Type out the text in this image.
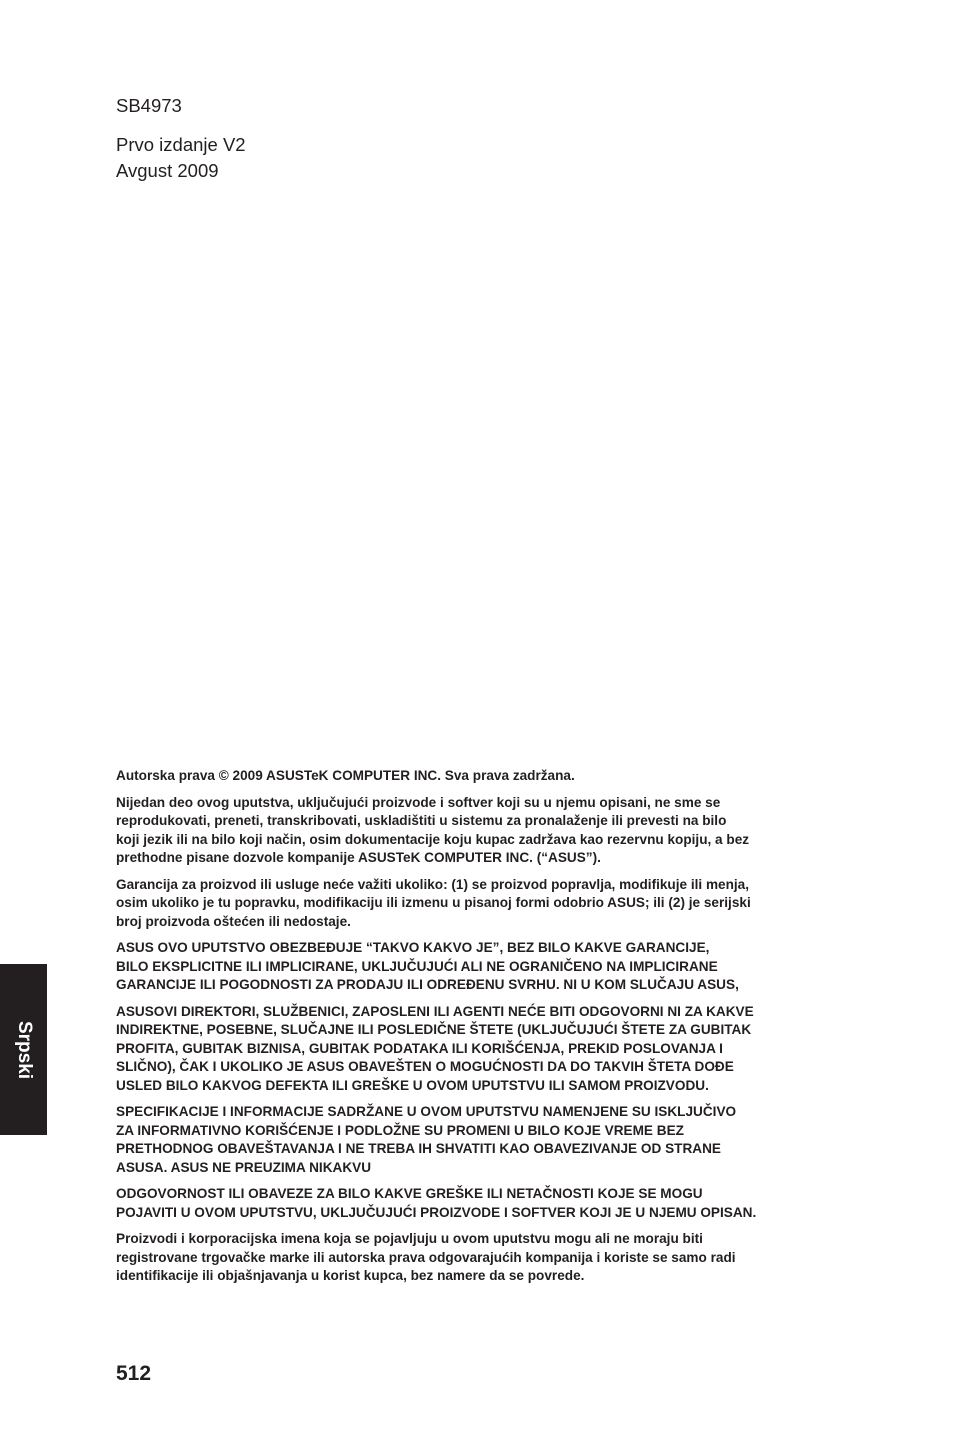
SB4973
Prvo izdanje V2
Avgust 2009

Autorska prava © 2009 ASUSTeK COMPUTER INC. Sva prava zadržana.

Nijedan deo ovog uputstva, uključujući proizvode i softver koji su u njemu opisani, ne sme se
reprodukovati, preneti, transkribovati, uskladištiti u sistemu za pronalaženje ili prevesti na bilo
koji jezik ili na bilo koji način, osim dokumentacije koju kupac zadržava kao rezervnu kopiju, a bez
prethodne pisane dozvole kompanije ASUSTeK COMPUTER INC. (“ASUS”).

Garancija za proizvod ili usluge neće važiti ukoliko: (1) se proizvod popravlja, modifikuje ili menja,
osim ukoliko je tu popravku, modifikaciju ili izmenu u pisanoj formi odobrio ASUS; ili (2) je serijski
broj proizvoda oštećen ili nedostaje.

ASUS OVO UPUTSTVO OBEZBEĐUJE “TAKVO KAKVO JE”, BEZ BILO KAKVE GARANCIJE,
BILO EKSPLICITNE ILI IMPLICIRANE, UKLJUČUJUĆI ALI NE OGRANIČENO NA IMPLICIRANE
GARANCIJE ILI POGODNOSTI ZA PRODAJU ILI ODREĐENU SVRHU. NI U KOM SLUČAJU ASUS,

ASUSOVI DIREKTORI, SLUŽBENICI, ZAPOSLENI ILI AGENTI NEĆE BITI ODGOVORNI NI ZA KAKVE
INDIREKTNE, POSEBNE, SLUČAJNE ILI POSLEDIČNE ŠTETE (UKLJUČUJUĆI ŠTETE ZA GUBITAK
PROFITA, GUBITAK BIZNISA, GUBITAK PODATAKA ILI KORIŠĆENJA, PREKID POSLOVANJA I
SLIČNO), ČAK I UKOLIKO JE ASUS OBAVEŠTEN O MOGUĆNOSTI DA DO TAKVIH ŠTETA DOĐE
USLED BILO KAKVOG DEFEKTA ILI GREŠKE U OVOM UPUTSTVU ILI SAMOM PROIZVODU.

SPECIFIKACIJE I INFORMACIJE SADRŽANE U OVOM UPUTSTVU NAMENJENE SU ISKLJUČIVO
ZA INFORMATIVNO KORIŠĆENJE I PODLOŽNE SU PROMENI U BILO KOJE VREME BEZ
PRETHODNOG OBAVEŠTAVANJA I NE TREBA IH SHVATITI KAO OBAVEZIVANJE OD STRANE
ASUSA. ASUS NE PREUZIMA NIKAKVU

ODGOVORNOST ILI OBAVEZE ZA BILO KAKVE GREŠKE ILI NETAČNOSTI KOJE SE MOGU
POJAVITI U OVOM UPUTSTVU, UKLJUČUJUĆI PROIZVODE I SOFTVER KOJI JE U NJEMU OPISAN.

Proizvodi i korporacijska imena koja se pojavljuju u ovom uputstvu mogu ali ne moraju biti
registrovane trgovačke marke ili autorska prava odgovarajućih kompanija i koriste se samo radi
identifikacije ili objašnjavanja u korist kupca, bez namere da se povrede.

Srpski
512
